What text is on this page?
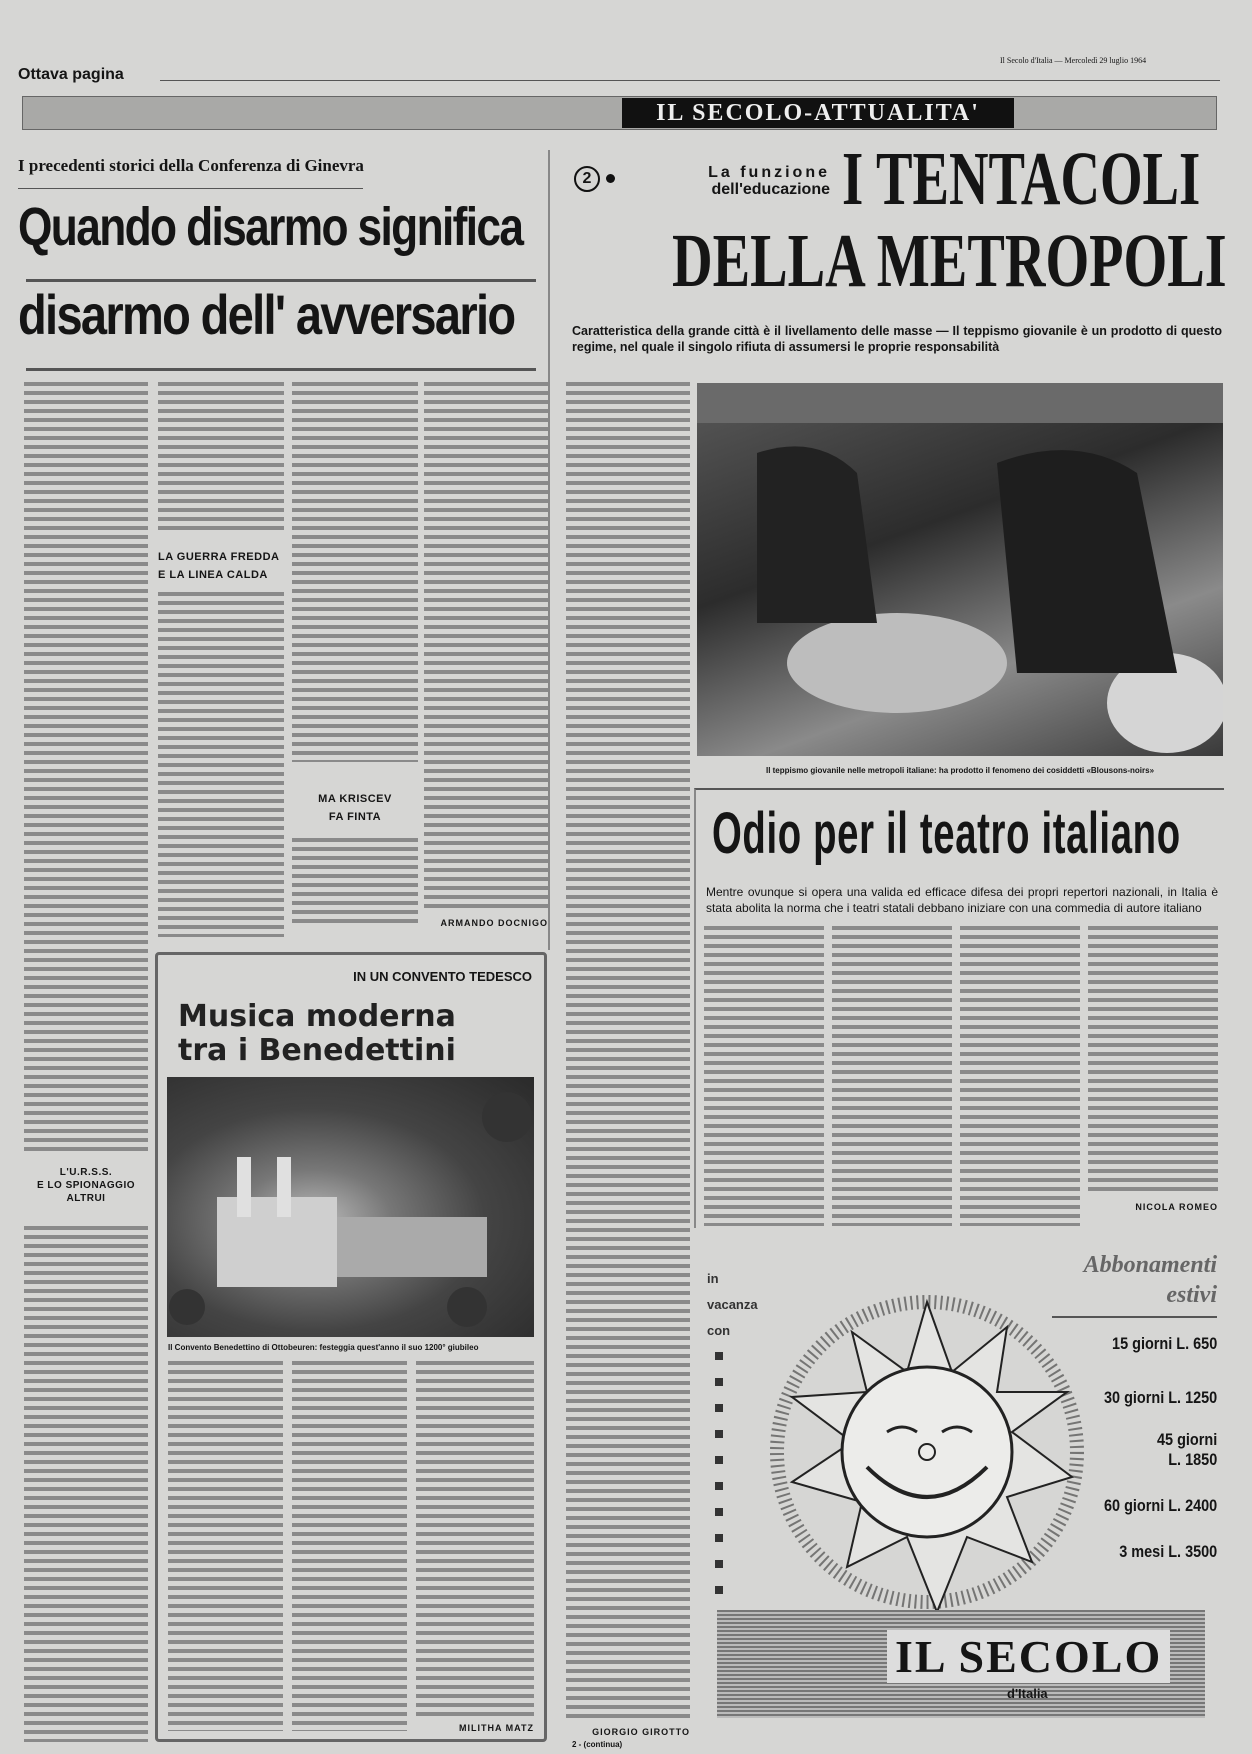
Ottava pagina
Il Secolo d'Italia — Mercoledì 29 luglio 1964
IL SECOLO-ATTUALITA'
I precedenti storici della Conferenza di Ginevra
Quando disarmo significa
disarmo dell' avversario
L'U.R.S.S.
E LO SPIONAGGIO ALTRUI
LA GUERRA FREDDA
E LA LINEA CALDA
MA KRISCEV
FA FINTA
ARMANDO DOCNIGO
IN UN CONVENTO TEDESCO
Musica moderna
tra i Benedettini
Il Convento Benedettino di Ottobeuren: festeggia quest'anno il suo 1200° giubileo
MILITHA MATZ
2	La funzione
dell'educazione I TENTACOLI
DELLA METROPOLI
Caratteristica della grande città è il livellamento delle masse — Il teppismo giovanile è un prodotto di questo regime, nel quale il singolo rifiuta di assumersi le proprie responsabilità
GIORGIO GIROTTO
2 - (continua)
Il teppismo giovanile nelle metropoli italiane: ha prodotto il fenomeno dei cosiddetti «Blousons-noirs»
Odio per il teatro italiano
Mentre ovunque si opera una valida ed efficace difesa dei propri repertori nazionali, in Italia è stata abolita la norma che i teatri statali debbano iniziare con una commedia di autore italiano
NICOLA ROMEO
in
vacanza
con
Abbonamenti
estivi
15 giorni L. 650
30 giorni L. 1250
45 giorni
L. 1850
60 giorni L. 2400
3 mesi L. 3500
IL SECOLO
d'Italia
